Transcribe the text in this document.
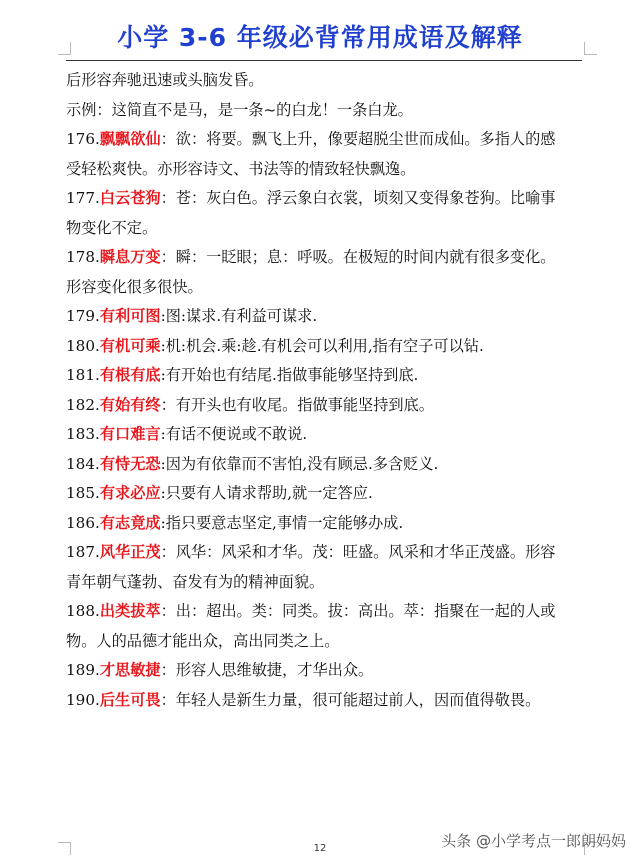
小学 3-6 年级必背常用成语及解释
后形容奔驰迅速或头脑发昏。
示例：这简直不是马，是一条~的白龙！一条白龙。
176.飘飘欲仙：欲：将要。飘飞上升，像要超脱尘世而成仙。多指人的感
受轻松爽快。亦形容诗文、书法等的情致轻快飘逸。
177.白云苍狗：苍：灰白色。浮云象白衣裳，顷刻又变得象苍狗。比喻事
物变化不定。
178.瞬息万变：瞬：一眨眼；息：呼吸。在极短的时间内就有很多变化。
形容变化很多很快。
179.有利可图:图:谋求.有利益可谋求.
180.有机可乘:机:机会.乘:趁.有机会可以利用,指有空子可以钻.
181.有根有底:有开始也有结尾.指做事能够坚持到底.
182.有始有终：有开头也有收尾。指做事能坚持到底。
183.有口难言:有话不便说或不敢说.
184.有恃无恐:因为有依靠而不害怕,没有顾忌.多含贬义.
185.有求必应:只要有人请求帮助,就一定答应.
186.有志竟成:指只要意志坚定,事情一定能够办成.
187.风华正茂：风华：风采和才华。茂：旺盛。风采和才华正茂盛。形容
青年朝气蓬勃、奋发有为的精神面貌。
188.出类拔萃：出：超出。类：同类。拔：高出。萃：指聚在一起的人或
物。人的品德才能出众，高出同类之上。
189.才思敏捷：形容人思维敏捷，才华出众。
190.后生可畏：年轻人是新生力量，很可能超过前人，因而值得敬畏。
12	头条 @小学考点一郎朗妈妈
